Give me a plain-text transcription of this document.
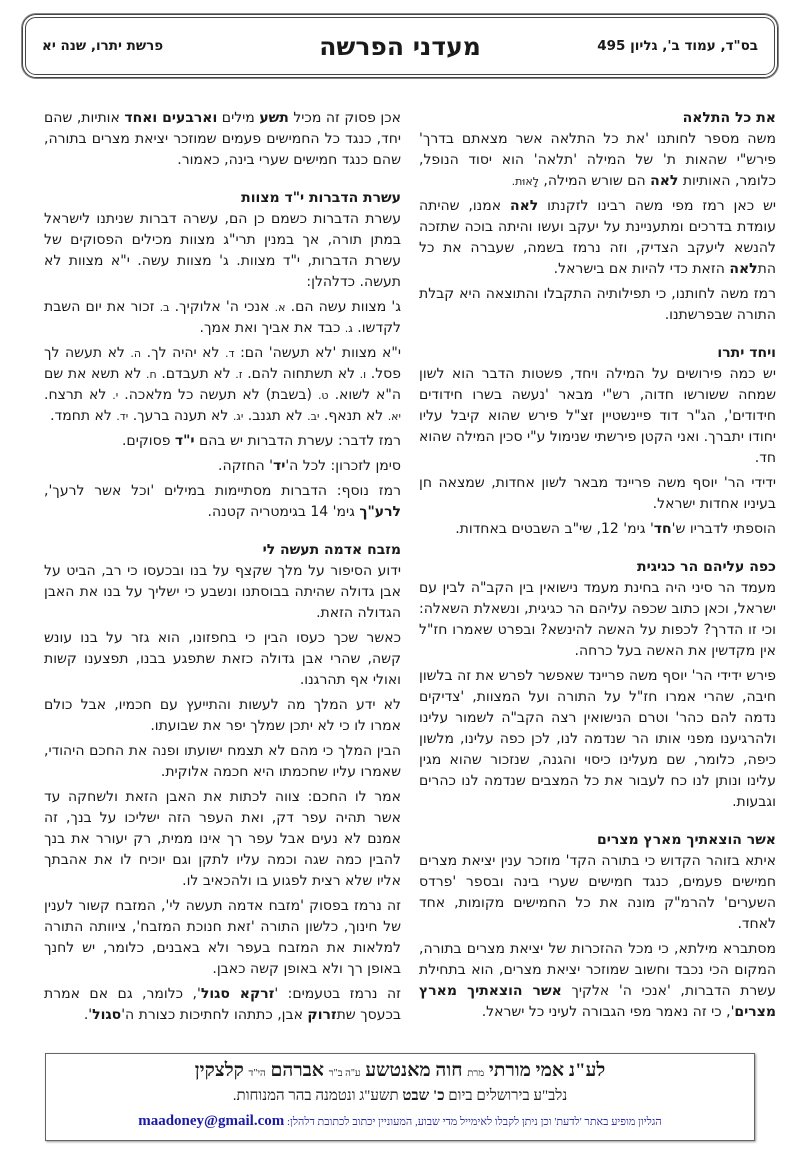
בס"ד, עמוד ב', גליון 495
מעדני הפרשה
פרשת יתרו, שנה יא
את כל התלאה

משה מספר לחותנו 'את כל התלאה אשר מצאתם בדרך' פירש"י שהאות ת' של המילה 'תלאה' הוא יסוד הנופל, כלומר, האותיות לאה הם שורש המילה, לָאוּת.

יש כאן רמז מפי משה רבינו לזקנתו לאה אמנו, שהיתה עומדת בדרכים ומתעניינת על יעקב ועשו והיתה בוכה שתזכה להנשא ליעקב הצדיק, וזה נרמז בשמה, שעברה את כל התלאה הזאת כדי להיות אם בישראל.

רמז משה לחותנו, כי תפילותיה התקבלו והתוצאה היא קבלת התורה שבפרשתנו.

ויחד יתרו

יש כמה פירושים על המילה ויחד, פשטות הדבר הוא לשון שמחה ששורשו חדוה, רש"י מבאר 'נעשה בשרו חידודים חידודים', הג"ר דוד פיינשטיין זצ"ל פירש שהוא קיבל עליו יחודו יתברך. ואני הקטן פירשתי שנימול ע"י סכין המילה שהוא חד.

ידידי הר' יוסף משה פריינד מבאר לשון אחדות, שמצאה חן בעיניו אחדות ישראל.

הוספתי לדבריו ש'חד' גימ' 12, שי"ב השבטים באחדות.

כפה עליהם הר כגיגית

מעמד הר סיני היה בחינת מעמד נישואין בין הקב"ה לבין עם ישראל, וכאן כתוב שכפה עליהם הר כגיגית, ונשאלת השאלה: וכי זו הדרך? לכפות על האשה להינשא? ובפרט שאמרו חז"ל אין מקדשין את האשה בעל כרחה.

פירש ידידי הר' יוסף משה פריינד שאפשר לפרש את זה בלשון חיבה, שהרי אמרו חז"ל על התורה ועל המצוות, 'צדיקים נדמה להם כהר' וטרם הנישואין רצה הקב"ה לשמור עלינו ולהרגיענו מפני אותו הר שנדמה לנו, לכן כפה עלינו, מלשון כיפה, כלומר, שם מעלינו כיסוי והגנה, שנזכור שהוא מגין עלינו ונותן לנו כח לעבור את כל המצבים שנדמה לנו כהרים וגבעות.

אשר הוצאתיך מארץ מצרים

איתא בזוהר הקדוש כי בתורה הקד' מוזכר ענין יציאת מצרים חמישים פעמים, כנגד חמישים שערי בינה ובספר 'פרדס השערים' להרמ"ק מונה את כל החמישים מקומות, אחד לאחד.

מסתברא מילתא, כי מכל ההזכרות של יציאת מצרים בתורה, המקום הכי נכבד וחשוב שמוזכר יציאת מצרים, הוא בתחילת עשרת הדברות, 'אנכי ה' אלקיך אשר הוצאתיך מארץ מצרים', כי זה נאמר מפי הגבורה לעיני כל ישראל.

אכן פסוק זה מכיל תשע מילים וארבעים ואחד אותיות, שהם יחד, כנגד כל החמישים פעמים שמוזכר יציאת מצרים בתורה, שהם כנגד חמישים שערי בינה, כאמור.

עשרת הדברות י"ד מצוות

עשרת הדברות כשמם כן הם, עשרה דברות שניתנו לישראל במתן תורה, אך במנין תרי"ג מצוות מכילים הפסוקים של עשרת הדברות, י"ד מצוות. ג' מצוות עשה. י"א מצוות לא תעשה. כדלהלן:

ג' מצוות עשה הם. א. אנכי ה' אלוקיך. ב. זכור את יום השבת לקדשו. ג. כבד את אביך ואת אמך.

י"א מצוות 'לא תעשה' הם: ד. לא יהיה לך. ה. לא תעשה לך פסל. ו. לא תשתחוה להם. ז. לא תעבדם. ח. לא תשא את שם ה"א לשוא. ט. (בשבת) לא תעשה כל מלאכה. י. לא תרצח. יא. לא תנאף. יב. לא תגנב. יג. לא תענה ברעך. יד. לא תחמד.

רמז לדבר: עשרת הדברות יש בהם י"ד פסוקים.

סימן לזכרון: לכל ה'יד' החזקה.

רמז נוסף: הדברות מסתיימות במילים 'וכל אשר לרעך', לרע"ך גימ' 14 בגימטריה קטנה.

מזבח אדמה תעשה לי

ידוע הסיפור על מלך שקצף על בנו ובכעסו כי רב, הביט על אבן גדולה שהיתה בבוסתנו ונשבע כי ישליך על בנו את האבן הגדולה הזאת.

כאשר שכך כעסו הבין כי בחפזונו, הוא גזר על בנו עונש קשה, שהרי אבן גדולה כזאת שתפגע בבנו, תפצענו קשות ואולי אף תהרגנו.

לא ידע המלך מה לעשות והתייעץ עם חכמיו, אבל כולם אמרו לו כי לא יתכן שמלך יפר את שבועתו.

הבין המלך כי מהם לא תצמח ישועתו ופנה את החכם היהודי, שאמרו עליו שחכמתו היא חכמה אלוקית.

אמר לו החכם: צווה לכתות את האבן הזאת ולשחקה עד אשר תהיה עפר דק, ואת העפר הזה ישליכו על בנך, זה אמנם לא נעים אבל עפר רך אינו ממית, רק יעורר את בנך להבין כמה שגה וכמה עליו לתקן וגם יוכיח לו את אהבתך אליו שלא רצית לפגוע בו ולהכאיב לו.

זה נרמז בפסוק 'מזבח אדמה תעשה לי', המזבח קשור לענין של חינוך, כלשון התורה 'זאת חנוכת המזבח', ציוותה התורה למלאות את המזבח בעפר ולא באבנים, כלומר, יש לחנך באופן רך ולא באופן קשה כאבן.

זה נרמז בטעמים: 'זרקא סגול', כלומר, גם אם אמרת בכעסך שתזרוק אבן, כתתהו לחתיכות כצורת ה'סגול'.

לע"נ אמי מורתי מרת חוה מאנטשע ע"ה ב"ר אברהם הי"ד קלצקין
נלב"ע בירושלים ביום כ' שבט תשע"ג ונטמנה בהר המנוחות.
הגליון מופיע באתר 'לדעת' וכן ניתן לקבלו לאימייל מדי שבוע, המעוניין יכתוב לכתובת דלהלן: maadoney@gmail.com
